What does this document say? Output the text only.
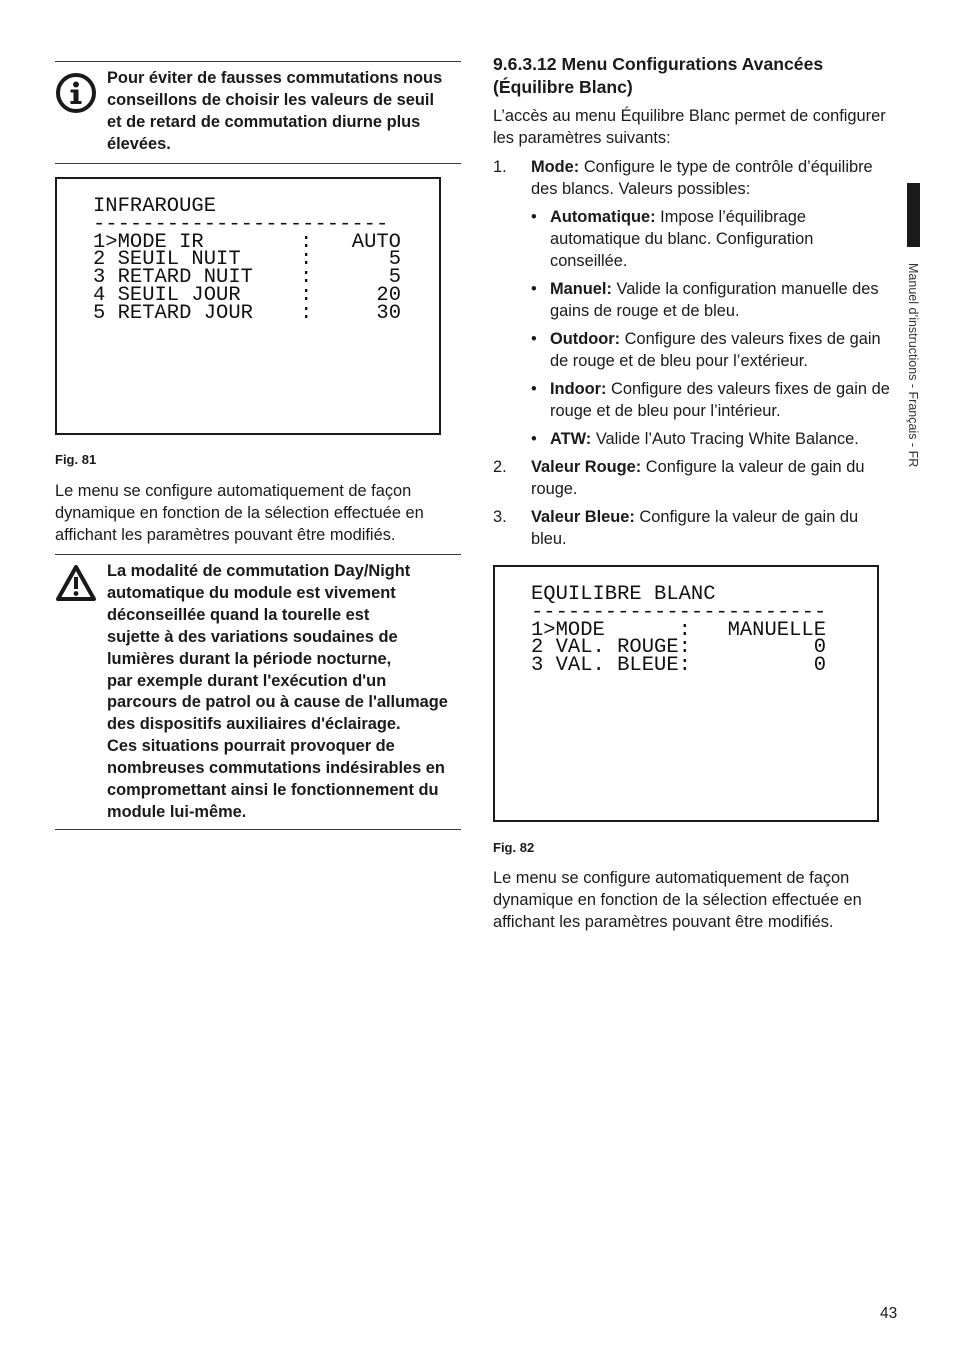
Pour éviter de fausses commutations nous

conseillons de choisir les valeurs de seuil

et de retard de commutation diurne plus

élevées.

INFRAROUGE
------------------------
1>MODE IR
2 SEUIL NUIT
3 RETARD NUIT
4 SEUIL JOUR
5 RETARD JOUR
:
:
:
:
:
AUTO
5
5
20
30
Fig. 81

Le menu se configure automatiquement de façon

dynamique en fonction de la sélection effectuée en

affichant les paramètres pouvant être modifiés.

La modalité de commutation Day/Night

automatique du module est vivement

déconseillée quand la tourelle est

sujette à des variations soudaines de

lumières durant la période nocturne,

par exemple durant l'exécution d'un

parcours de patrol ou à cause de l'allumage

des dispositifs auxiliaires d'éclairage.

Ces situations pourrait provoquer de

nombreuses commutations indésirables en

compromettant ainsi le fonctionnement du

module lui-même.

9.6.3.12 Menu Configurations Avancées

(Équilibre Blanc)

L’accès au menu Équilibre Blanc permet de configurer

les paramètres suivants:

1. Mode: Configure le type de contrôle d’équilibre

des blancs. Valeurs possibles:

• Automatique: Impose l’équilibrage

automatique du blanc. Configuration

conseillée.

• Manuel: Valide la configuration manuelle des

gains de rouge et de bleu.

• Outdoor: Configure des valeurs fixes de gain

de rouge et de bleu pour l’extérieur.

• Indoor: Configure des valeurs fixes de gain de

rouge et de bleu pour l’intérieur.

• ATW: Valide l’Auto Tracing White Balance.

2. Valeur Rouge: Configure la valeur de gain du

rouge.

3. Valeur Bleue: Configure la valeur de gain du

bleu.

EQUILIBRE BLANC
------------------------
1>MODE      :
2 VAL. ROUGE:
3 VAL. BLEUE:
MANUELLE
0
0
Fig. 82

Le menu se configure automatiquement de façon

dynamique en fonction de la sélection effectuée en

affichant les paramètres pouvant être modifiés.

Manuel d’instructions - Français - FR
43
